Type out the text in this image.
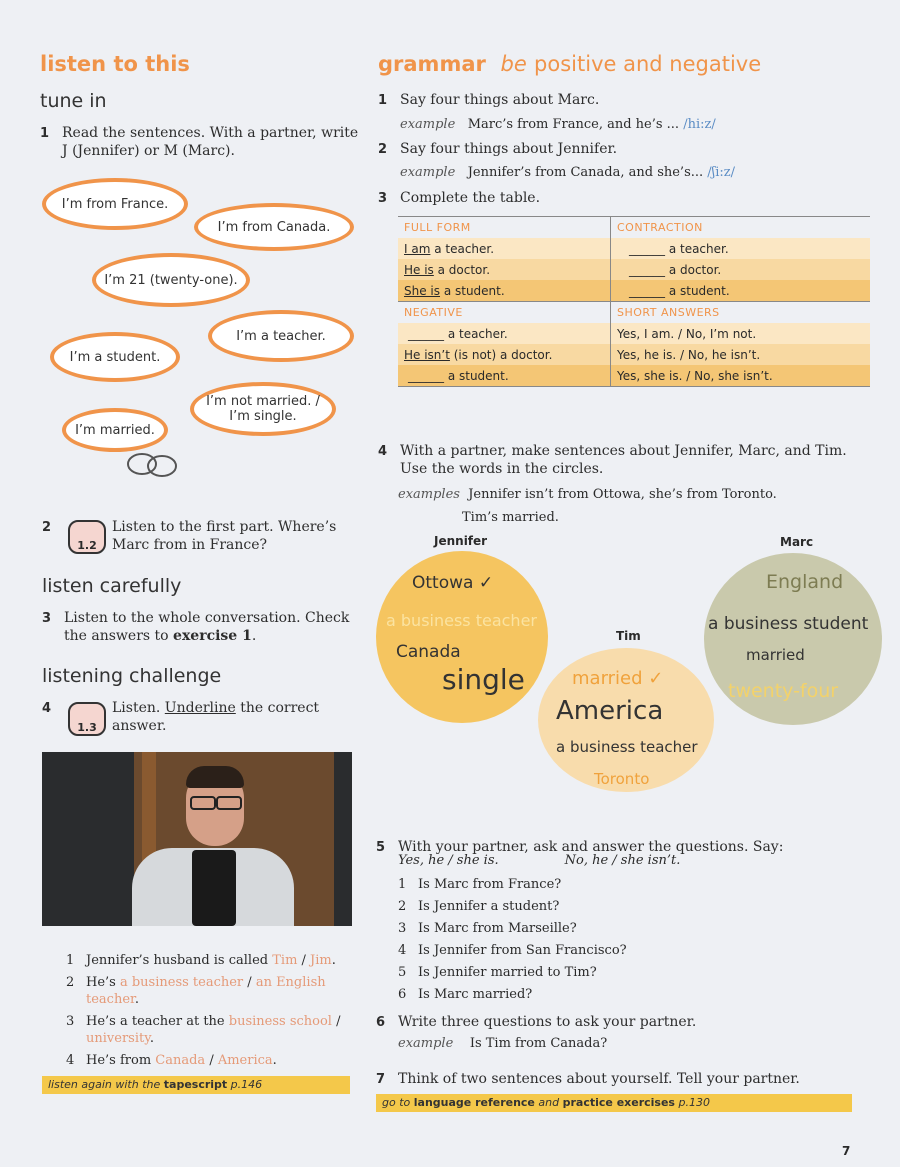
listen to this
tune in
1 Read the sentences. With a partner, write J (Jennifer) or M (Marc).
I’m from France.
I’m from Canada.
I’m 21 (twenty-one).
I’m a teacher.
I’m a student.
I’m not married. / I’m single.
I’m married.
2
1.2
Listen to the first part. Where’s Marc from in France?
listen carefully
3 Listen to the whole conversation. Check the answers to exercise 1.
listening challenge
4
1.3
Listen. Underline the correct answer.
1 Jennifer’s husband is called Tim / Jim.
2 He’s a business teacher / an English teacher.
3 He’s a teacher at the business school / university.
4 He’s from Canada / America.
listen again with the tapescript p.146
grammar be positive and negative
1 Say four things about Marc.
example Marc’s from France, and he’s ... /hi:z/
2 Say four things about Jennifer.
example Jennifer’s from Canada, and she’s... /ʃi:z/
3 Complete the table.
FULL FORM	CONTRACTION
I am a teacher.	______ a teacher.
He is a doctor.	______ a doctor.
She is a student.	______ a student.
NEGATIVE	SHORT ANSWERS
______ a teacher.	Yes, I am. / No, I’m not.
He isn’t (is not) a doctor.	Yes, he is. / No, he isn’t.
______ a student.	Yes, she is. / No, she isn’t.
4 With a partner, make sentences about Jennifer, Marc, and Tim. Use the words in the circles.
examples Jennifer isn’t from Ottowa, she’s from Toronto.
Tim’s married.
Jennifer
Ottowa ✓
a business teacher
Canada
single
Tim
married ✓
America
a business teacher
Toronto
Marc
England
a business student
married
twenty-four
5 With your partner, ask and answer the questions. Say:
Yes, he / she is.	No, he / she isn’t.
1 Is Marc from France?
2 Is Jennifer a student?
3 Is Marc from Marseille?
4 Is Jennifer from San Francisco?
5 Is Jennifer married to Tim?
6 Is Marc married?
6 Write three questions to ask your partner.
example Is Tim from Canada?
7 Think of two sentences about yourself. Tell your partner.
go to language reference and practice exercises p.130
7
